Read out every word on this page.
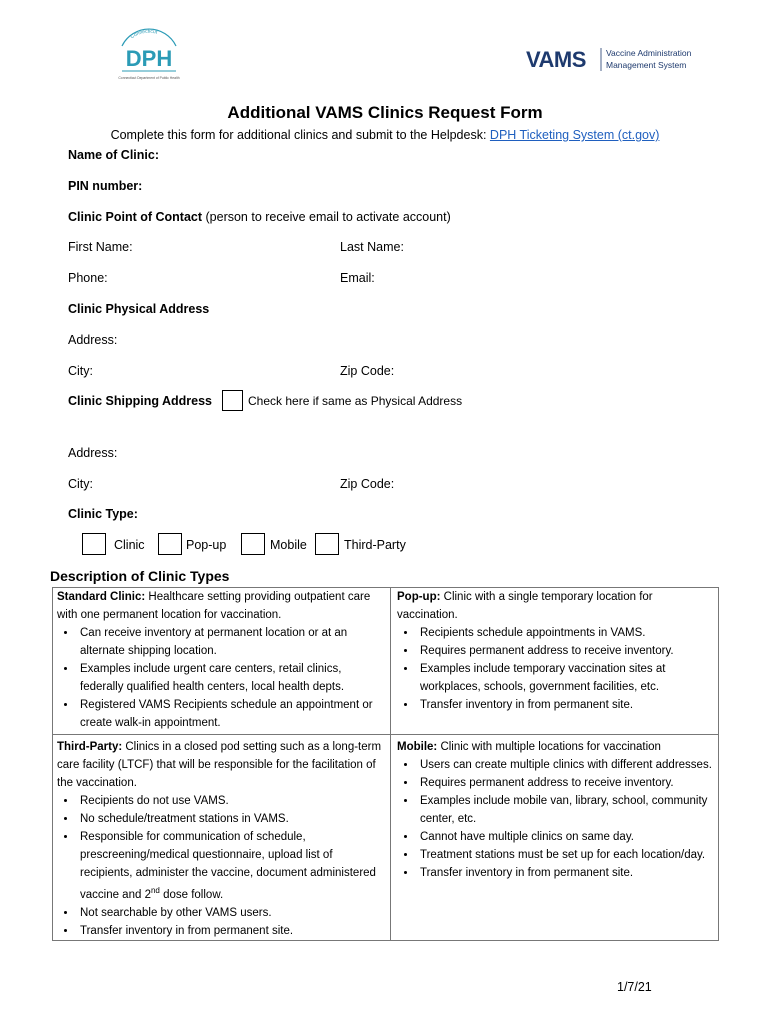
Connecticut
DPH
Connecticut Department of Public Health
VAMS Vaccine Administration
Management System
Additional VAMS Clinics Request Form
Complete this form for additional clinics and submit to the Helpdesk: DPH Ticketing System (ct.gov)
Name of Clinic:
PIN number:
Clinic Point of Contact (person to receive email to activate account)
First Name:	Last Name:
Phone:	Email:
Clinic Physical Address
Address:
City:	Zip Code:
Clinic Shipping Address	Check here if same as Physical Address
Address:
City:	Zip Code:
Clinic Type:
Clinic	Pop-up	Mobile	Third-Party
Description of Clinic Types
Standard Clinic: Healthcare setting providing outpatient care with one permanent location for vaccination.
• Can receive inventory at permanent location or at an alternate shipping location.
• Examples include urgent care centers, retail clinics, federally qualified health centers, local health depts.
• Registered VAMS Recipients schedule an appointment or create walk-in appointment.
Pop-up: Clinic with a single temporary location for vaccination.
• Recipients schedule appointments in VAMS.
• Requires permanent address to receive inventory.
• Examples include temporary vaccination sites at workplaces, schools, government facilities, etc.
• Transfer inventory in from permanent site.
Third-Party: Clinics in a closed pod setting such as a long-term care facility (LTCF) that will be responsible for the facilitation of the vaccination.
• Recipients do not use VAMS.
• No schedule/treatment stations in VAMS.
• Responsible for communication of schedule, prescreening/medical questionnaire, upload list of recipients, administer the vaccine, document administered vaccine and 2nd dose follow.
• Not searchable by other VAMS users.
• Transfer inventory in from permanent site.
Mobile: Clinic with multiple locations for vaccination
• Users can create multiple clinics with different addresses.
• Requires permanent address to receive inventory.
• Examples include mobile van, library, school, community center, etc.
• Cannot have multiple clinics on same day.
• Treatment stations must be set up for each location/day.
• Transfer inventory in from permanent site.
1/7/21
